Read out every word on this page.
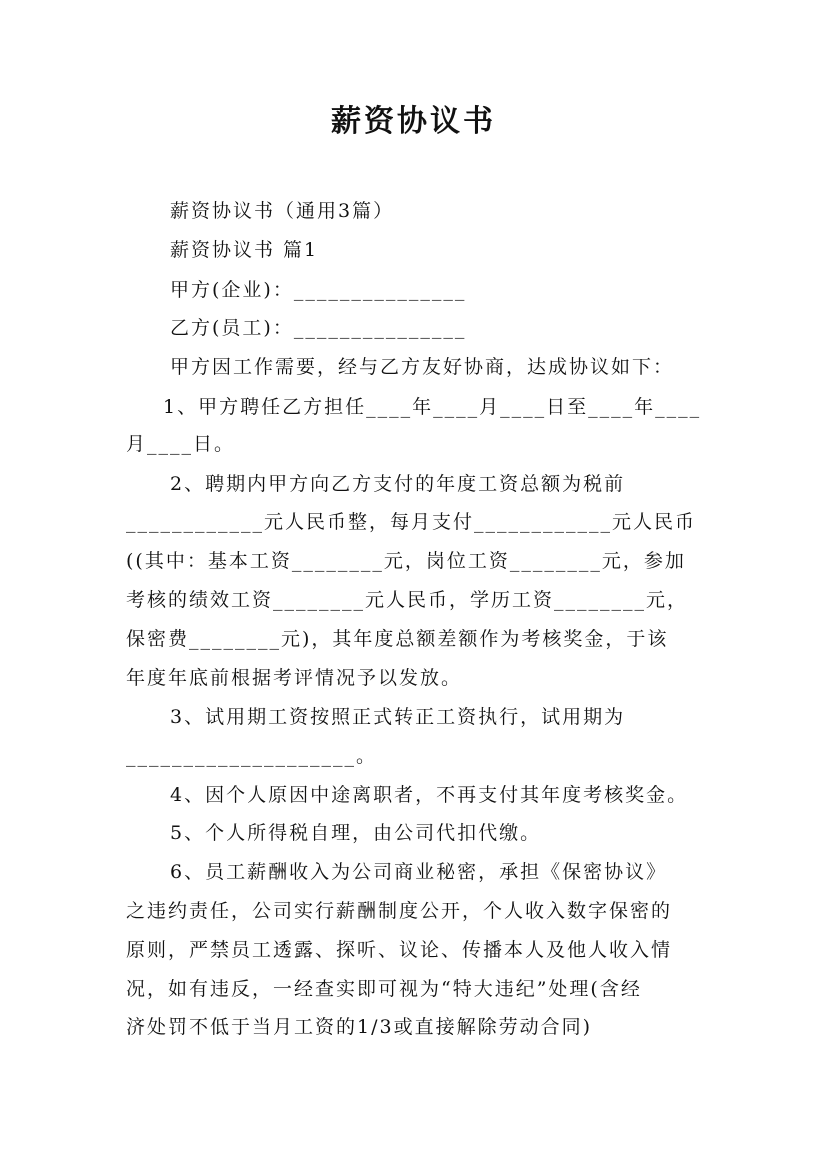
薪资协议书
薪资协议书（通用3篇）
薪资协议书 篇1
甲方(企业)：_______________
乙方(员工)：_______________
甲方因工作需要，经与乙方友好协商，达成协议如下：
1、甲方聘任乙方担任____年____月____日至____年____
月____日。
2、聘期内甲方向乙方支付的年度工资总额为税前
____________元人民币整，每月支付____________元人民币
((其中：基本工资________元，岗位工资________元，参加
考核的绩效工资________元人民币，学历工资________元，
保密费________元)，其年度总额差额作为考核奖金，于该
年度年底前根据考评情况予以发放。
3、试用期工资按照正式转正工资执行，试用期为
____________________。
4、因个人原因中途离职者，不再支付其年度考核奖金。
5、个人所得税自理，由公司代扣代缴。
6、员工薪酬收入为公司商业秘密，承担《保密协议》
之违约责任，公司实行薪酬制度公开，个人收入数字保密的
原则，严禁员工透露、探听、议论、传播本人及他人收入情
况，如有违反，一经查实即可视为“特大违纪”处理(含经
济处罚不低于当月工资的1/3或直接解除劳动合同)
